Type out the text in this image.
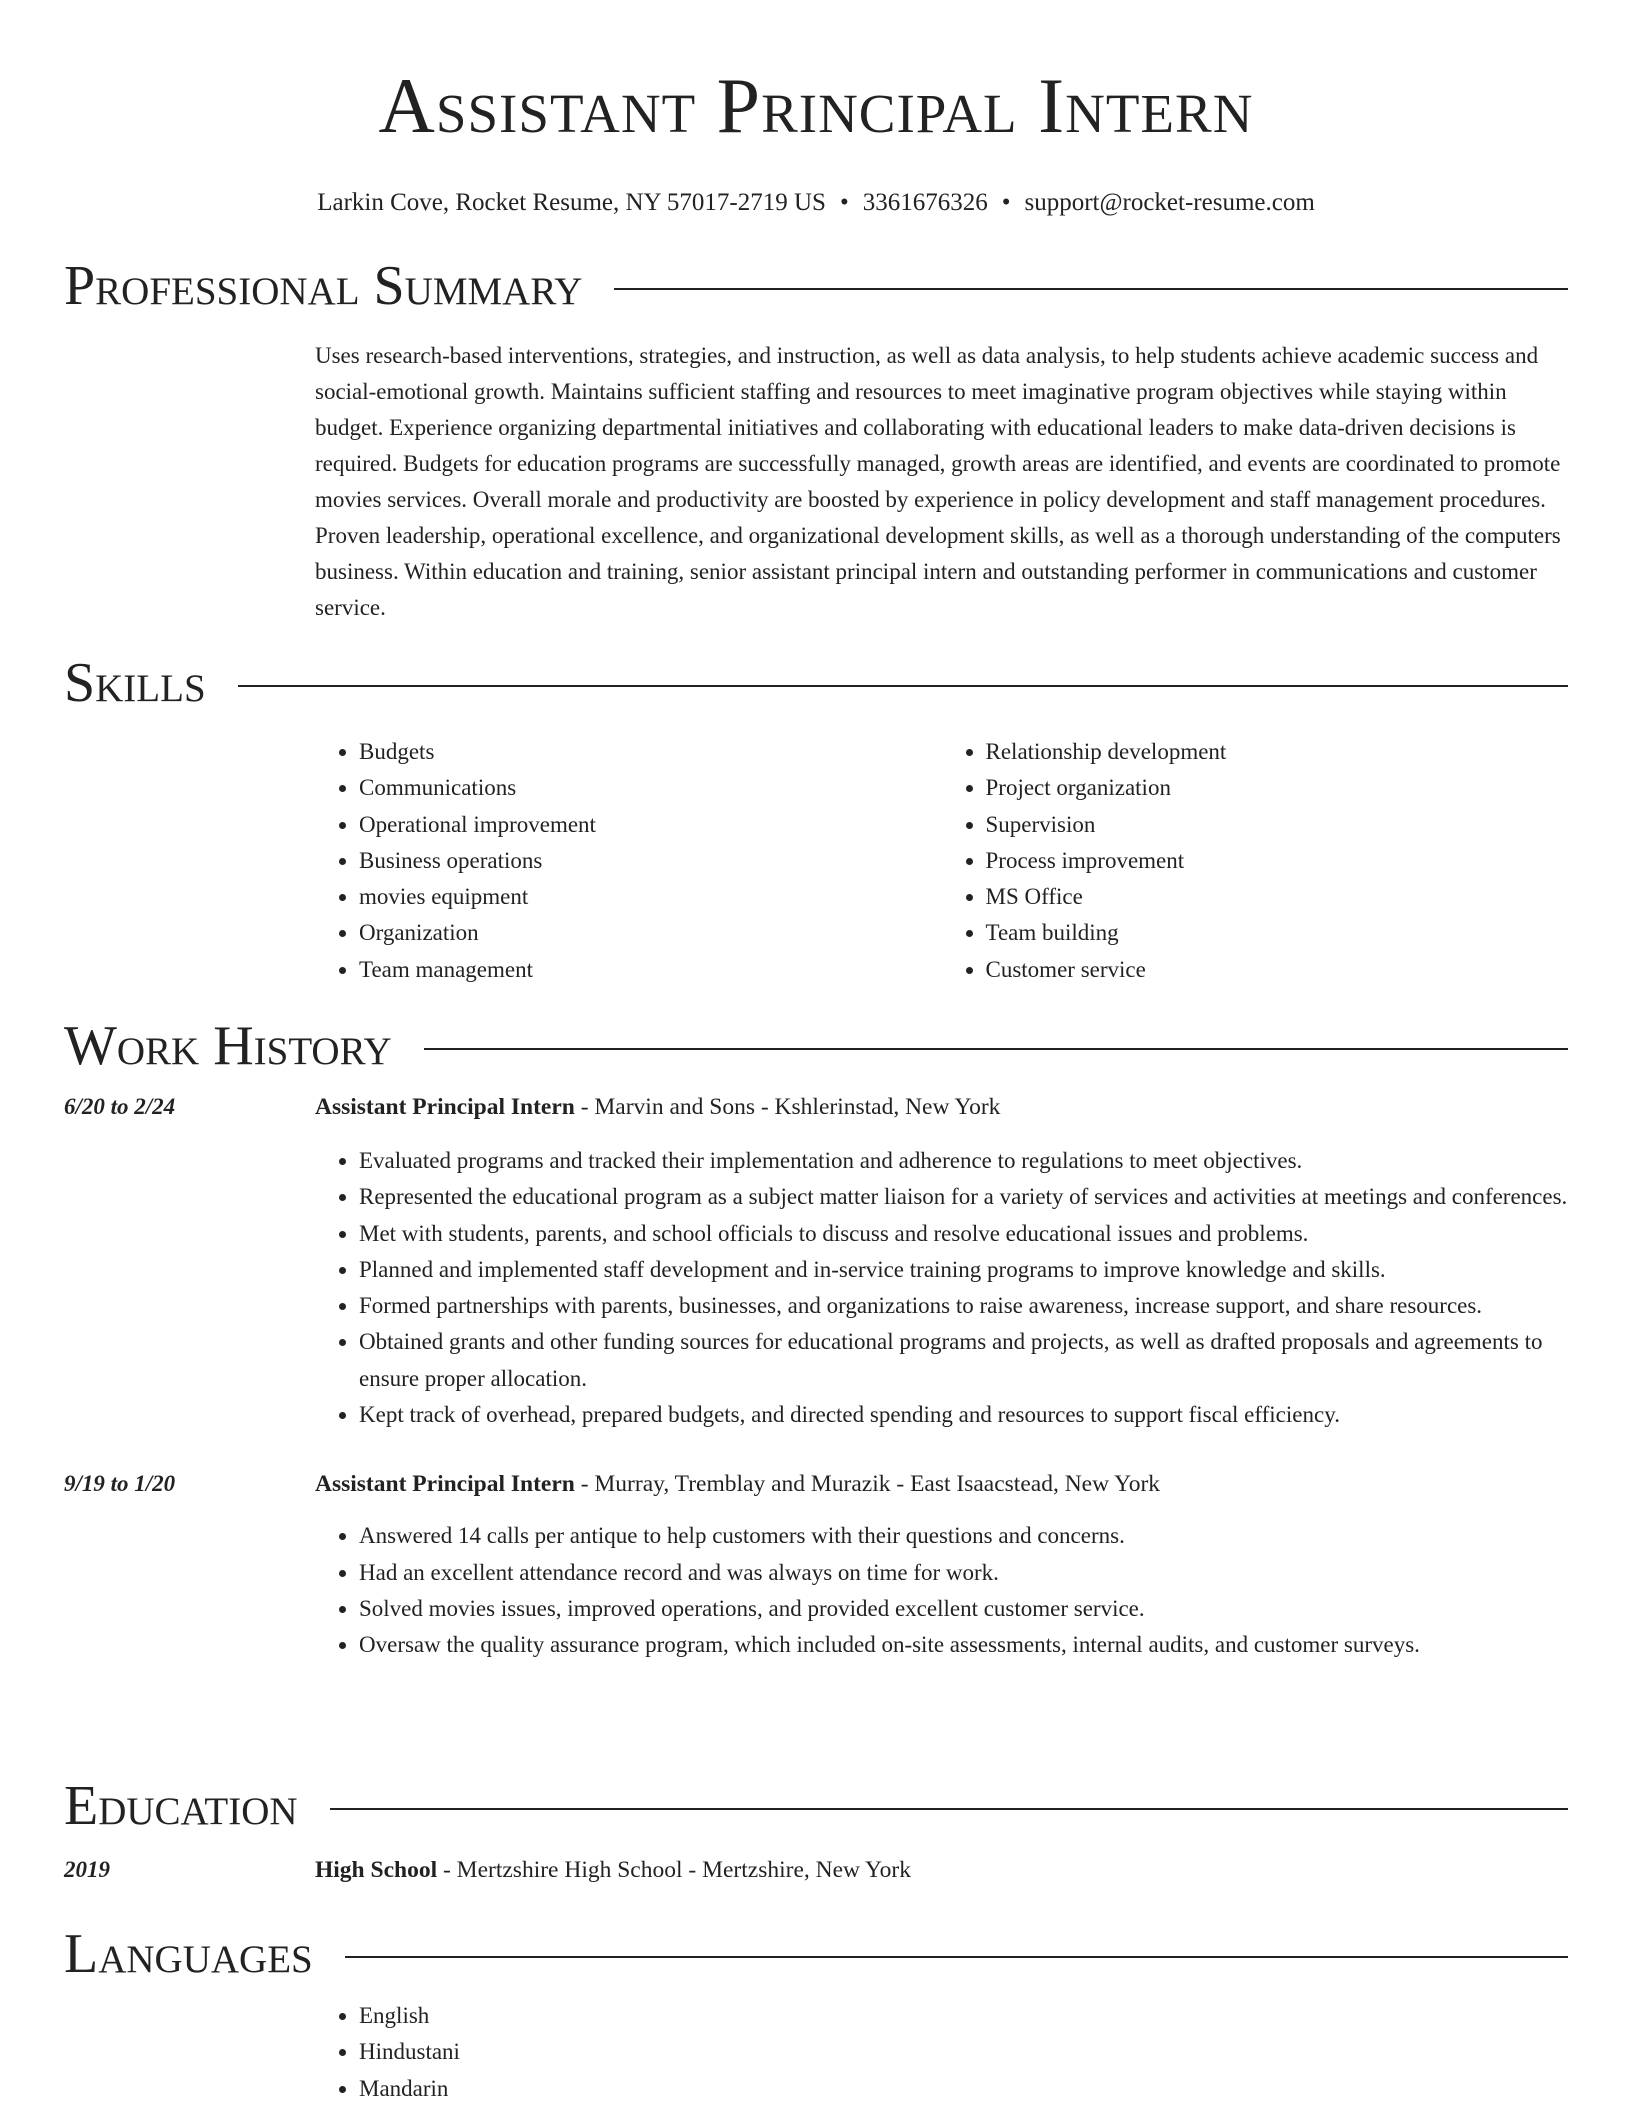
Assistant Principal Intern
Larkin Cove, Rocket Resume, NY 57017-2719 US • 3361676326 • support@rocket-resume.com
Professional Summary

Uses research-based interventions, strategies, and instruction, as well as data analysis, to help students achieve academic success and social-emotional growth. Maintains sufficient staffing and resources to meet imaginative program objectives while staying within budget. Experience organizing departmental initiatives and collaborating with educational leaders to make data-driven decisions is required. Budgets for education programs are successfully managed, growth areas are identified, and events are coordinated to promote movies services. Overall morale and productivity are boosted by experience in policy development and staff management procedures. Proven leadership, operational excellence, and organizational development skills, as well as a thorough understanding of the computers business. Within education and training, senior assistant principal intern and outstanding performer in communications and customer service.

Skills
• Budgets
• Communications
• Operational improvement
• Business operations
• movies equipment
• Organization
• Team management
• Relationship development
• Project organization
• Supervision
• Process improvement
• MS Office
• Team building
• Customer service
Work History
6/20 to 2/24	Assistant Principal Intern - Marvin and Sons - Kshlerinstad, New York
• Evaluated programs and tracked their implementation and adherence to regulations to meet objectives.
• Represented the educational program as a subject matter liaison for a variety of services and activities at meetings and conferences.
• Met with students, parents, and school officials to discuss and resolve educational issues and problems.
• Planned and implemented staff development and in-service training programs to improve knowledge and skills.
• Formed partnerships with parents, businesses, and organizations to raise awareness, increase support, and share resources.
• Obtained grants and other funding sources for educational programs and projects, as well as drafted proposals and agreements to ensure proper allocation.
• Kept track of overhead, prepared budgets, and directed spending and resources to support fiscal efficiency.
9/19 to 1/20	Assistant Principal Intern - Murray, Tremblay and Murazik - East Isaacstead, New York
• Answered 14 calls per antique to help customers with their questions and concerns.
• Had an excellent attendance record and was always on time for work.
• Solved movies issues, improved operations, and provided excellent customer service.
• Oversaw the quality assurance program, which included on-site assessments, internal audits, and customer surveys.
Education
2019	High School - Mertzshire High School - Mertzshire, New York
Languages
• English
• Hindustani
• Mandarin
